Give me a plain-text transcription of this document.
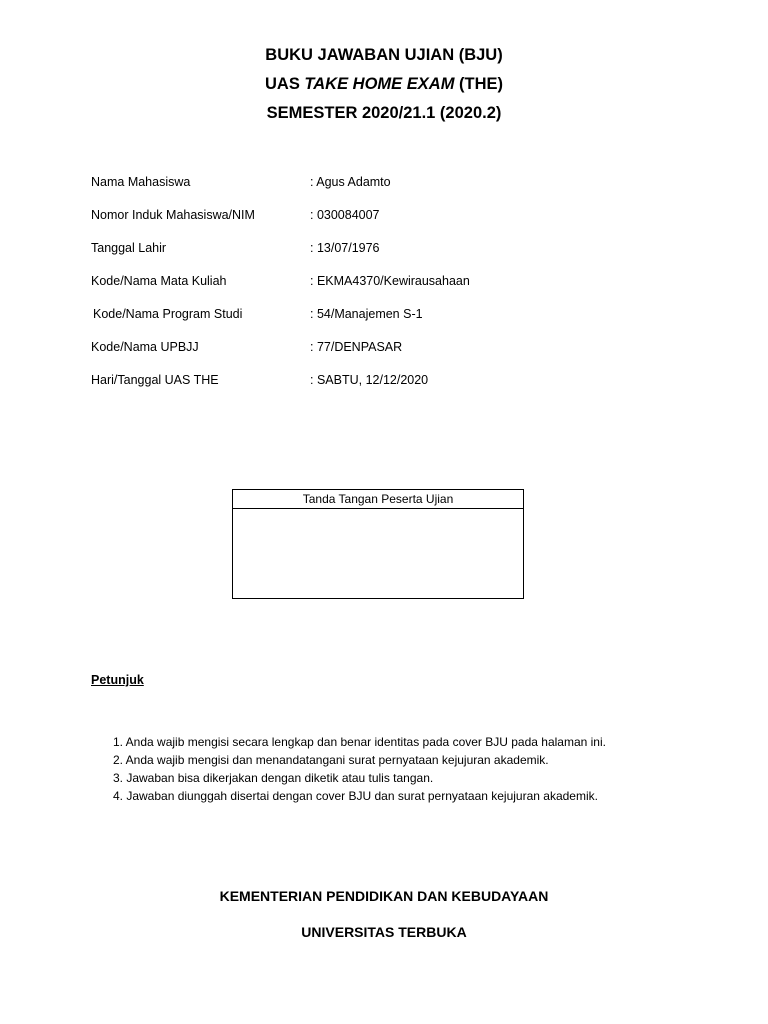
BUKU JAWABAN UJIAN (BJU)
UAS TAKE HOME EXAM (THE)
SEMESTER 2020/21.1 (2020.2)
Nama Mahasiswa	: Agus Adamto
Nomor Induk Mahasiswa/NIM	: 030084007
Tanggal Lahir	: 13/07/1976
Kode/Nama Mata Kuliah	: EKMA4370/Kewirausahaan
Kode/Nama Program Studi	: 54/Manajemen S-1
Kode/Nama UPBJJ	: 77/DENPASAR
Hari/Tanggal UAS THE	: SABTU, 12/12/2020
Tanda Tangan Peserta Ujian
Petunjuk
1. Anda wajib mengisi secara lengkap dan benar identitas pada cover BJU pada halaman ini.
2. Anda wajib mengisi dan menandatangani surat pernyataan kejujuran akademik.
3. Jawaban bisa dikerjakan dengan diketik atau tulis tangan.
4. Jawaban diunggah disertai dengan cover BJU dan surat pernyataan kejujuran akademik.
KEMENTERIAN PENDIDIKAN DAN KEBUDAYAAN
UNIVERSITAS TERBUKA
